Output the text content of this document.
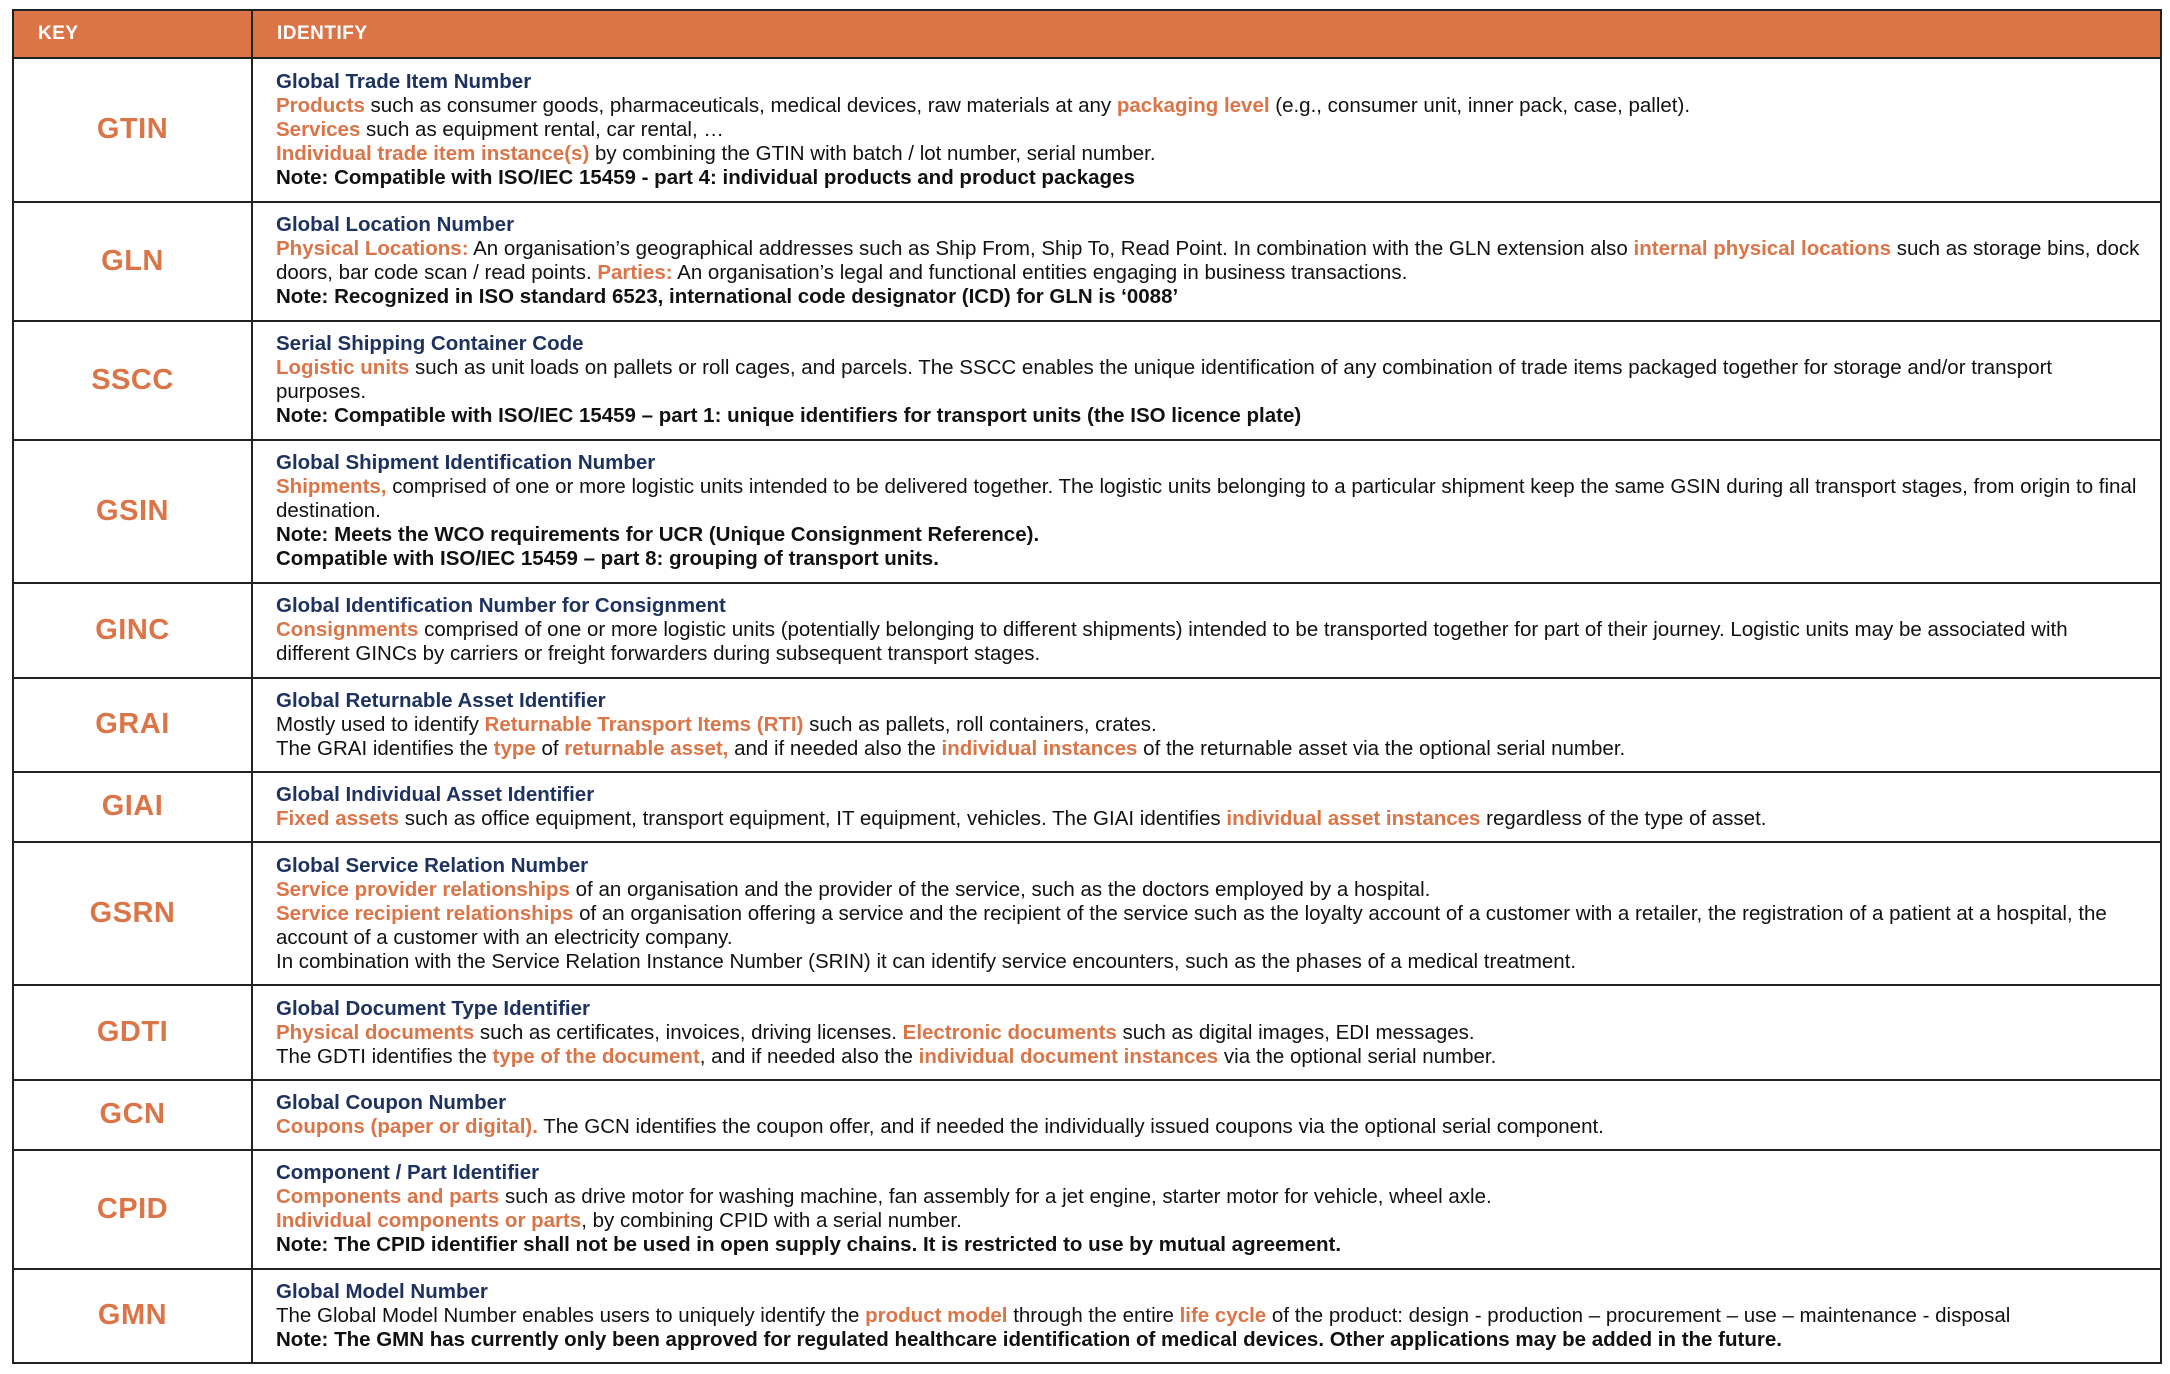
KEY	IDENTIFY
GTIN	Global Trade Item Number
Products such as consumer goods, pharmaceuticals, medical devices, raw materials at any packaging level (e.g., consumer unit, inner pack, case, pallet).
Services such as equipment rental, car rental, …
Individual trade item instance(s) by combining the GTIN with batch / lot number, serial number.
Note: Compatible with ISO/IEC 15459 - part 4: individual products and product packages

GLN	Global Location Number
Physical Locations: An organisation’s geographical addresses such as Ship From, Ship To, Read Point. In combination with the GLN extension also internal physical locations such as storage bins, dock doors, bar code scan / read points. Parties: An organisation’s legal and functional entities engaging in business transactions.
Note: Recognized in ISO standard 6523, international code designator (ICD) for GLN is ‘0088’

SSCC	Serial Shipping Container Code
Logistic units such as unit loads on pallets or roll cages, and parcels. The SSCC enables the unique identification of any combination of trade items packaged together for storage and/or transport purposes.
Note: Compatible with ISO/IEC 15459 – part 1: unique identifiers for transport units (the ISO licence plate)

GSIN	Global Shipment Identification Number
Shipments, comprised of one or more logistic units intended to be delivered together. The logistic units belonging to a particular shipment keep the same GSIN during all transport stages, from origin to final destination.
Note: Meets the WCO requirements for UCR (Unique Consignment Reference).
Compatible with ISO/IEC 15459 – part 8: grouping of transport units.

GINC	Global Identification Number for Consignment
Consignments comprised of one or more logistic units (potentially belonging to different shipments) intended to be transported together for part of their journey. Logistic units may be associated with different GINCs by carriers or freight forwarders during subsequent transport stages.

GRAI	Global Returnable Asset Identifier
Mostly used to identify Returnable Transport Items (RTI) such as pallets, roll containers, crates.
The GRAI identifies the type of returnable asset, and if needed also the individual instances of the returnable asset via the optional serial number.

GIAI	Global Individual Asset Identifier
Fixed assets such as office equipment, transport equipment, IT equipment, vehicles. The GIAI identifies individual asset instances regardless of the type of asset.

GSRN	Global Service Relation Number
Service provider relationships of an organisation and the provider of the service, such as the doctors employed by a hospital.
Service recipient relationships of an organisation offering a service and the recipient of the service such as the loyalty account of a customer with a retailer, the registration of a patient at a hospital, the account of a customer with an electricity company.
In combination with the Service Relation Instance Number (SRIN) it can identify service encounters, such as the phases of a medical treatment.

GDTI	Global Document Type Identifier
Physical documents such as certificates, invoices, driving licenses. Electronic documents such as digital images, EDI messages.
The GDTI identifies the type of the document, and if needed also the individual document instances via the optional serial number.

GCN	Global Coupon Number
Coupons (paper or digital). The GCN identifies the coupon offer, and if needed the individually issued coupons via the optional serial component.

CPID	Component / Part Identifier
Components and parts such as drive motor for washing machine, fan assembly for a jet engine, starter motor for vehicle, wheel axle.
Individual components or parts, by combining CPID with a serial number.
Note: The CPID identifier shall not be used in open supply chains. It is restricted to use by mutual agreement.

GMN	Global Model Number
The Global Model Number enables users to uniquely identify the product model through the entire life cycle of the product: design - production – procurement – use – maintenance - disposal
Note: The GMN has currently only been approved for regulated healthcare identification of medical devices. Other applications may be added in the future.
